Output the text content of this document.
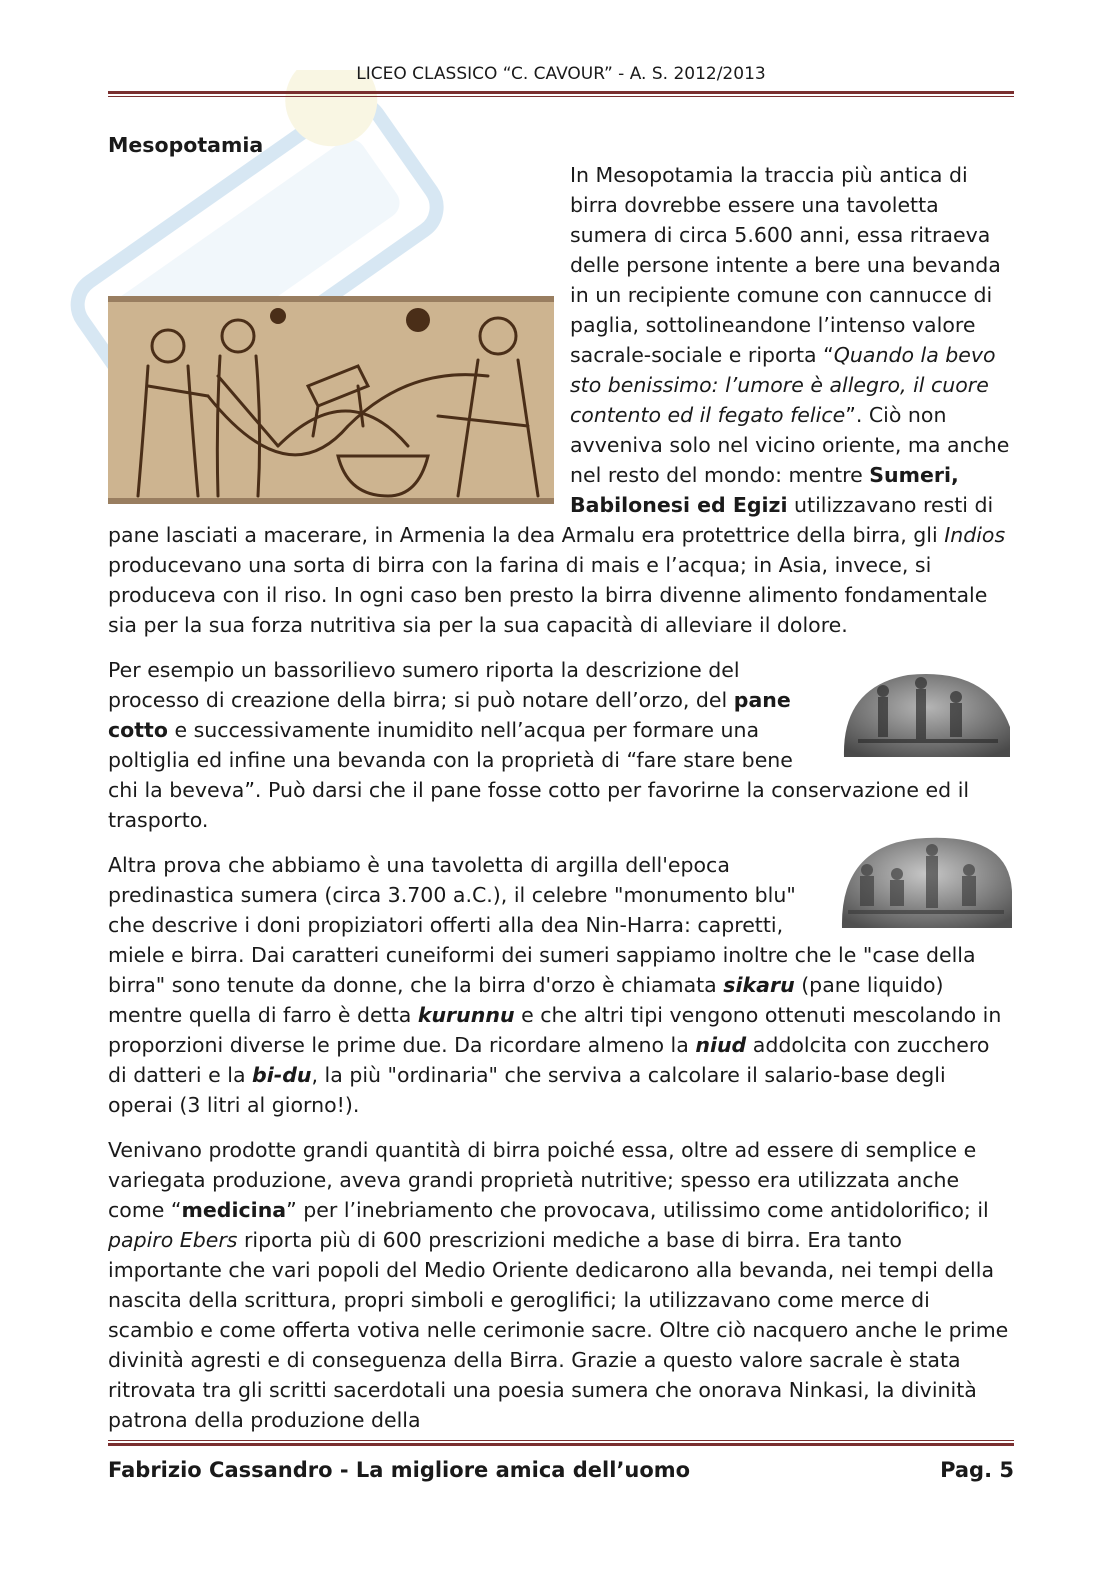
LICEO CLASSICO “C. CAVOUR” - A. S. 2012/2013
Mesopotamia

In Mesopotamia la traccia più antica di birra dovrebbe essere una tavoletta sumera di circa 5.600 anni, essa ritraeva delle persone intente a bere una bevanda in un recipiente comune con cannucce di paglia, sottolineandone l’intenso valore sacrale-sociale e riporta “Quando la bevo sto benissimo: l’umore è allegro, il cuore contento ed il fegato felice”. Ciò non avveniva solo nel vicino oriente, ma anche nel resto del mondo: mentre Sumeri, Babilonesi ed Egizi utilizzavano resti di pane lasciati a macerare, in Armenia la dea Armalu era protettrice della birra, gli Indios producevano una sorta di birra con la farina di mais e l’acqua; in Asia, invece, si produceva con il riso. In ogni caso ben presto la birra divenne alimento fondamentale sia per la sua forza nutritiva sia per la sua capacità di alleviare il dolore.

Per esempio un bassorilievo sumero riporta la descrizione del processo di creazione della birra; si può notare dell’orzo, del pane cotto e successivamente inumidito nell’acqua per formare una poltiglia ed infine una bevanda con la proprietà di “fare stare bene chi la beveva”. Può darsi che il pane fosse cotto per favorirne la conservazione ed il trasporto.

Altra prova che abbiamo è una tavoletta di argilla dell'epoca predinastica sumera (circa 3.700 a.C.), il celebre "monumento blu" che descrive i doni propiziatori offerti alla dea Nin-Harra: capretti, miele e birra. Dai caratteri cuneiformi dei sumeri sappiamo inoltre che le "case della birra" sono tenute da donne, che la birra d'orzo è chiamata sikaru (pane liquido) mentre quella di farro è detta kurunnu e che altri tipi vengono ottenuti mescolando in proporzioni diverse le prime due. Da ricordare almeno la niud addolcita con zucchero di datteri e la bi-du, la più "ordinaria" che serviva a calcolare il salario-base degli operai (3 litri al giorno!).

Venivano prodotte grandi quantità di birra poiché essa, oltre ad essere di semplice e variegata produzione, aveva grandi proprietà nutritive; spesso era utilizzata anche come “medicina” per l’inebriamento che provocava, utilissimo come antidolorifico; il papiro Ebers riporta più di 600 prescrizioni mediche a base di birra. Era tanto importante che vari popoli del Medio Oriente dedicarono alla bevanda, nei tempi della nascita della scrittura, propri simboli e geroglifici; la utilizzavano come merce di scambio e come offerta votiva nelle cerimonie sacre. Oltre ciò nacquero anche le prime divinità agresti e di conseguenza della Birra. Grazie a questo valore sacrale è stata ritrovata tra gli scritti sacerdotali una poesia sumera che onorava Ninkasi, la divinità patrona della produzione della

Fabrizio Cassandro - La migliore amica dell’uomo	Pag. 5
